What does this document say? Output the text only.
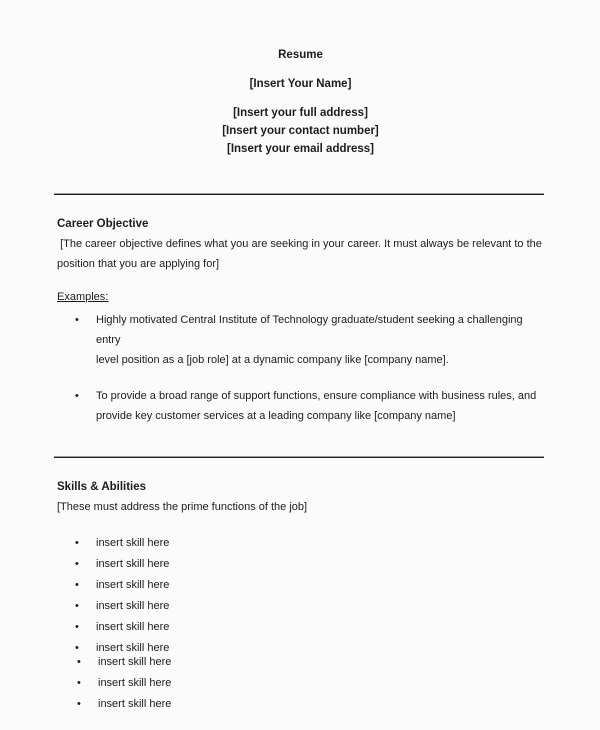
Resume
[Insert Your Name]
[Insert your full address]
[Insert your contact number]
[Insert your email address]
Career Objective
[The career objective defines what you are seeking in your career. It must always be relevant to the
position that you are applying for]
Examples:
•	Highly motivated Central Institute of Technology graduate/student seeking a challenging entry
level position as a [job role] at a dynamic company like [company name].
•	To provide a broad range of support functions, ensure compliance with business rules, and
provide key customer services at a leading company like [company name]
Skills & Abilities
[These must address the prime functions of the job]
•	insert skill here
•	insert skill here
•	insert skill here
•	insert skill here
•	insert skill here
•	insert skill here
•	insert skill here
•	insert skill here
•	insert skill here
